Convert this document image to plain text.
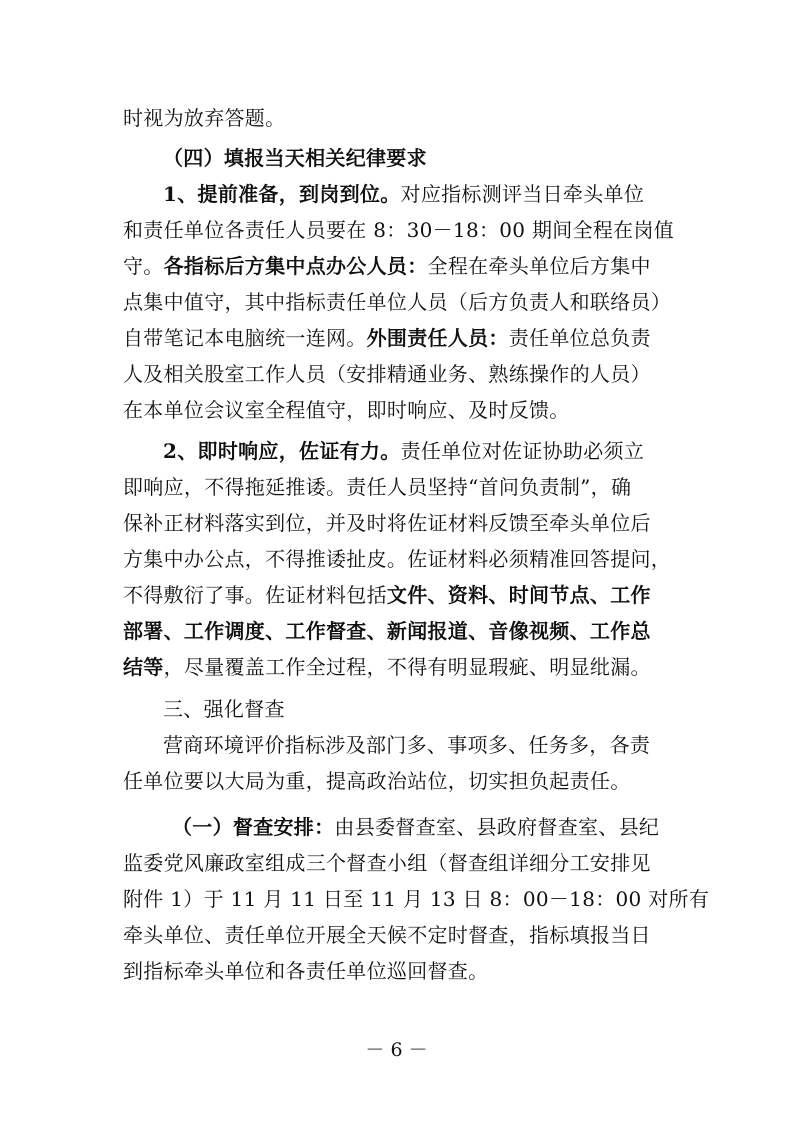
时视为放弃答题。
（四）填报当天相关纪律要求
1、提前准备，到岗到位。对应指标测评当日牵头单位
和责任单位各责任人员要在 8：30－18：00 期间全程在岗值
守。各指标后方集中点办公人员：全程在牵头单位后方集中
点集中值守，其中指标责任单位人员（后方负责人和联络员）
自带笔记本电脑统一连网。外围责任人员：责任单位总负责
人及相关股室工作人员（安排精通业务、熟练操作的人员）
在本单位会议室全程值守，即时响应、及时反馈。
2、即时响应，佐证有力。责任单位对佐证协助必须立
即响应，不得拖延推诿。责任人员坚持“首问负责制”，确
保补正材料落实到位，并及时将佐证材料反馈至牵头单位后
方集中办公点，不得推诿扯皮。佐证材料必须精准回答提问，
不得敷衍了事。佐证材料包括文件、资料、时间节点、工作
部署、工作调度、工作督查、新闻报道、音像视频、工作总
结等，尽量覆盖工作全过程，不得有明显瑕疵、明显纰漏。
三、强化督查
营商环境评价指标涉及部门多、事项多、任务多，各责
任单位要以大局为重，提高政治站位，切实担负起责任。
（一）督查安排：由县委督查室、县政府督查室、县纪
监委党风廉政室组成三个督查小组（督查组详细分工安排见
附件 1）于 11 月 11 日至 11 月 13 日 8：00－18：00 对所有
牵头单位、责任单位开展全天候不定时督查，指标填报当日
到指标牵头单位和各责任单位巡回督查。
－ 6 －
